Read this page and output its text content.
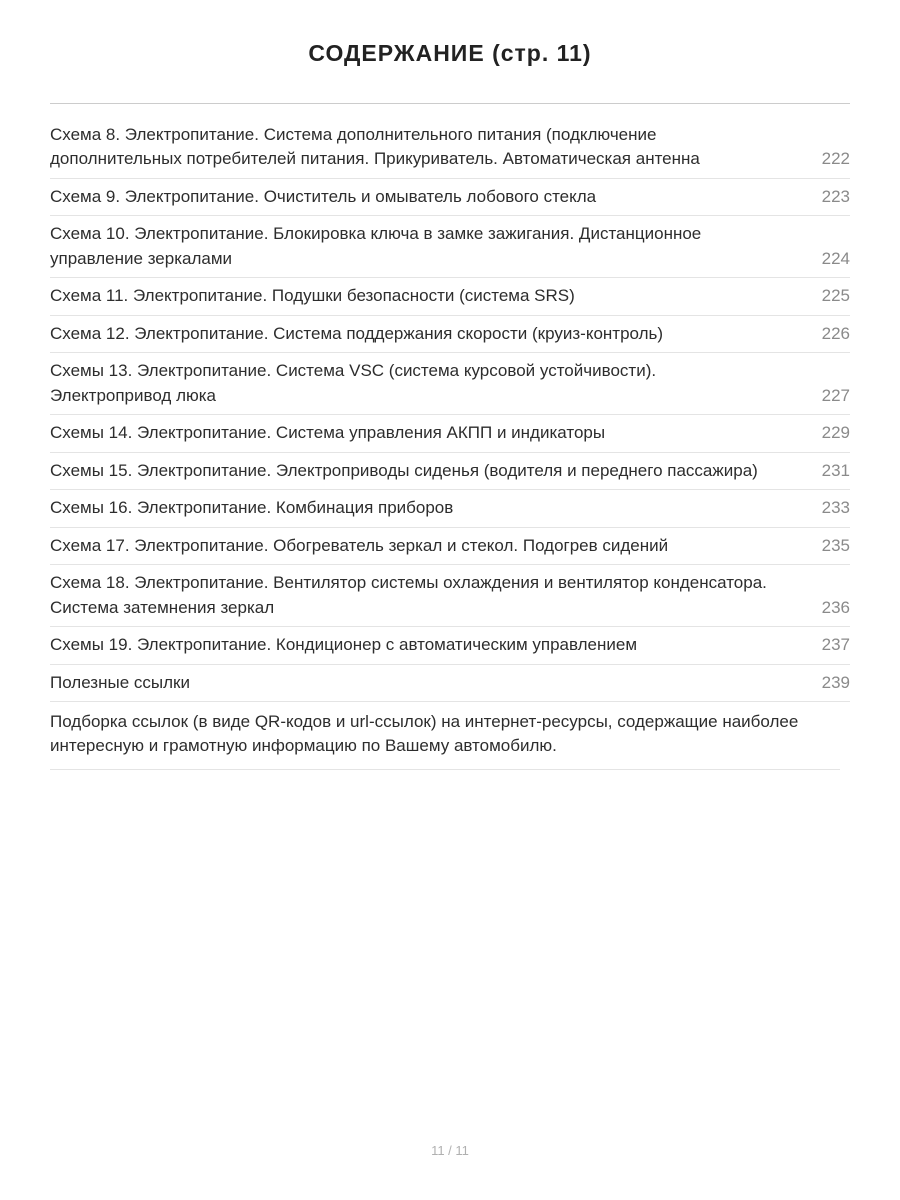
СОДЕРЖАНИЕ (стр. 11)
Схема 8. Электропитание. Система дополнительного питания (подключение дополнительных потребителей питания. Прикуриватель. Автоматическая антенна	222
Схема 9. Электропитание. Очиститель и омыватель лобового стекла	223
Схема 10. Электропитание. Блокировка ключа в замке зажигания. Дистанционное управление зеркалами	224
Схема 11. Электропитание. Подушки безопасности (система SRS)	225
Схема 12. Электропитание. Система поддержания скорости (круиз-контроль)	226
Схемы 13. Электропитание. Система VSC (система курсовой устойчивости). Электропривод люка	227
Схемы 14. Электропитание. Система управления АКПП и индикаторы	229
Схемы 15. Электропитание. Электроприводы сиденья (водителя и переднего пассажира)	231
Схемы 16. Электропитание. Комбинация приборов	233
Схема 17. Электропитание. Обогреватель зеркал и стекол. Подогрев сидений	235
Схема 18. Электропитание. Вентилятор системы охлаждения и вентилятор конденсатора. Система затемнения зеркал	236
Схемы 19. Электропитание. Кондиционер с автоматическим управлением	237
Полезные ссылки	239
Подборка ссылок (в виде QR-кодов и url-ссылок) на интернет-ресурсы, содержащие наиболее интересную и грамотную информацию по Вашему автомобилю.
11 / 11
